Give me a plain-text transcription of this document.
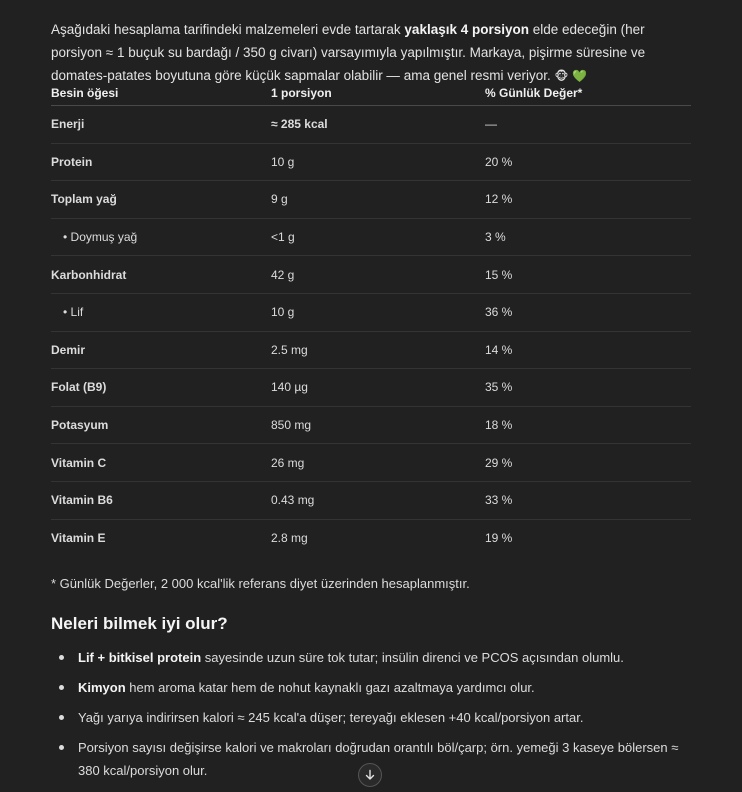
Aşağıdaki hesaplama tarifindeki malzemeleri evde tartarak yaklaşık 4 porsiyon elde edeceğin (her porsiyon ≈ 1 buçuk su bardağı / 350 g civarı) varsayımıyla yapılmıştır. Markaya, pişirme süresine ve domates-patates boyutuna göre küçük sapmalar olabilir — ama genel resmi veriyor. 🐵 💚

Besin öğesi	1 porsiyon	% Günlük Değer*
Enerji	≈ 285 kcal	—
Protein	10 g	20 %
Toplam yağ	9 g	12 %
• Doymuş yağ	<1 g	3 %
Karbonhidrat	42 g	15 %
• Lif	10 g	36 %
Demir	2.5 mg	14 %
Folat (B9)	140 µg	35 %
Potasyum	850 mg	18 %
Vitamin C	26 mg	29 %
Vitamin B6	0.43 mg	33 %
Vitamin E	2.8 mg	19 %
* Günlük Değerler, 2 000 kcal'lik referans diyet üzerinden hesaplanmıştır.
Neleri bilmek iyi olur?
Lif + bitkisel protein sayesinde uzun süre tok tutar; insülin direnci ve PCOS açısından olumlu.
Kimyon hem aroma katar hem de nohut kaynaklı gazı azaltmaya yardımcı olur.
Yağı yarıya indirirsen kalori ≈ 245 kcal'a düşer; tereyağı eklesen +40 kcal/porsiyon artar.
Porsiyon sayısı değişirse kalori ve makroları doğrudan orantılı böl/çarp; örn. yemeği 3 kaseye bölersen ≈ 380 kcal/porsiyon olur.
